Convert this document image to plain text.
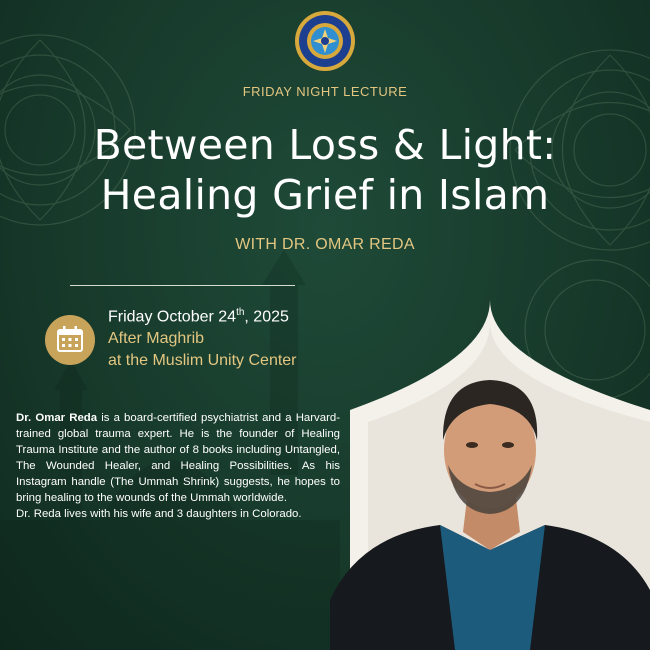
FRIDAY NIGHT LECTURE
Between Loss & Light:
Healing Grief in Islam
WITH DR. OMAR REDA
Friday October 24th, 2025
After Maghrib
at the Muslim Unity Center

Dr. Omar Reda is a board-certified psychiatrist and a Harvard-trained global trauma expert. He is the founder of Healing Trauma Institute and the author of 8 books including Untangled, The Wounded Healer, and Healing Possibilities. As his Instagram handle (The Ummah Shrink) suggests, he hopes to bring healing to the wounds of the Ummah worldwide.

Dr. Reda lives with his wife and 3 daughters in Colorado.
